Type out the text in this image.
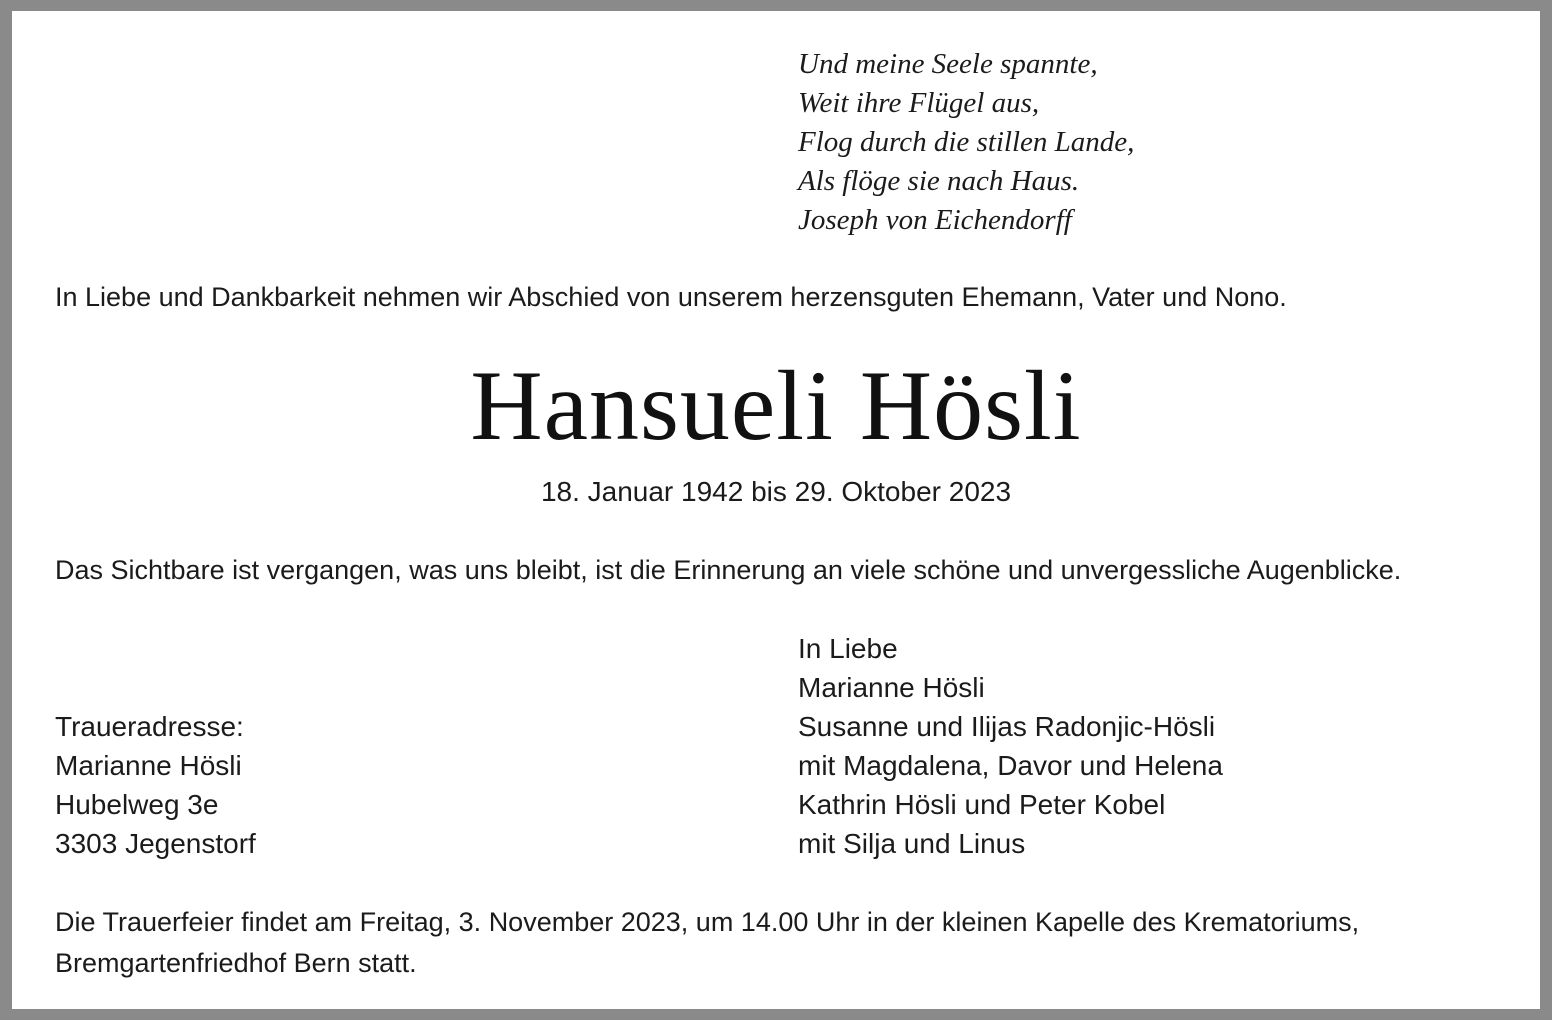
Und meine Seele spannte,
Weit ihre Flügel aus,
Flog durch die stillen Lande,
Als flöge sie nach Haus.
Joseph von Eichendorff
In Liebe und Dankbarkeit nehmen wir Abschied von unserem herzensguten Ehemann, Vater und Nono.
Hansueli Hösli
18. Januar 1942 bis 29. Oktober 2023
Das Sichtbare ist vergangen, was uns bleibt, ist die Erinnerung an viele schöne und unvergessliche Augenblicke.
In Liebe
Marianne Hösli
Susanne und Ilijas Radonjic-Hösli
mit Magdalena, Davor und Helena
Kathrin Hösli und Peter Kobel
mit Silja und Linus
Traueradresse:
Marianne Hösli
Hubelweg 3e
3303 Jegenstorf
Die Trauerfeier findet am Freitag, 3. November 2023, um 14.00 Uhr in der kleinen Kapelle des Krematoriums,
Bremgartenfriedhof Bern statt.
